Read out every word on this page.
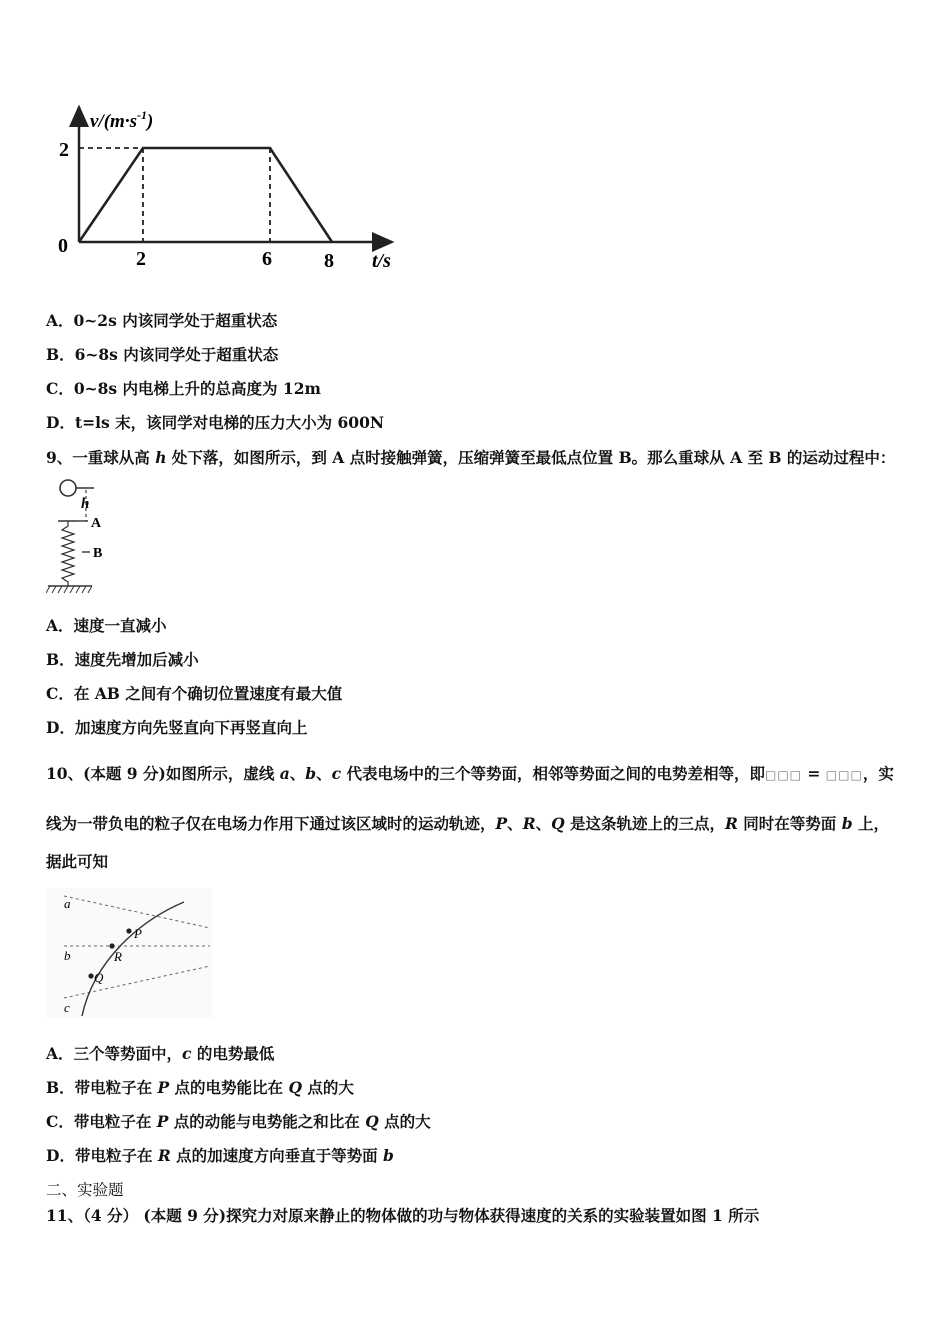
$v/(m\cdot s^{-1})$
2
0
2	6	8 t/s
A．0~2s 内该同学处于超重状态
B．6~8s 内该同学处于超重状态
C．0~8s 内电梯上升的总高度为 12m
D．t=ls 末，该同学对电梯的压力大小为 600N
9、一重球从高 h 处下落，如图所示，到 A 点时接触弹簧，压缩弹簧至最低点位置 B。那么重球从 A 至 B 的运动过程中：
h
A
B
A．速度一直减小
B．速度先增加后减小
C．在 AB 之间有个确切位置速度有最大值
D．加速度方向先竖直向下再竖直向上
10、(本题 9 分)如图所示，虚线 a、b、c 代表电场中的三个等势面，相邻等势面之间的电势差相等，即□□□ = □□□，实
线为一带负电的粒子仅在电场力作用下通过该区域时的运动轨迹，P、R、Q 是这条轨迹上的三点，R 同时在等势面 b 上，
据此可知
a
b
c
P
R
Q
A．三个等势面中，c 的电势最低
B．带电粒子在 P 点的电势能比在 Q 点的大
C．带电粒子在 P 点的动能与电势能之和比在 Q 点的大
D．带电粒子在 R 点的加速度方向垂直于等势面 b
二、实验题
11、（4 分） (本题 9 分)探究力对原来静止的物体做的功与物体获得速度的关系的实验装置如图 1 所示
